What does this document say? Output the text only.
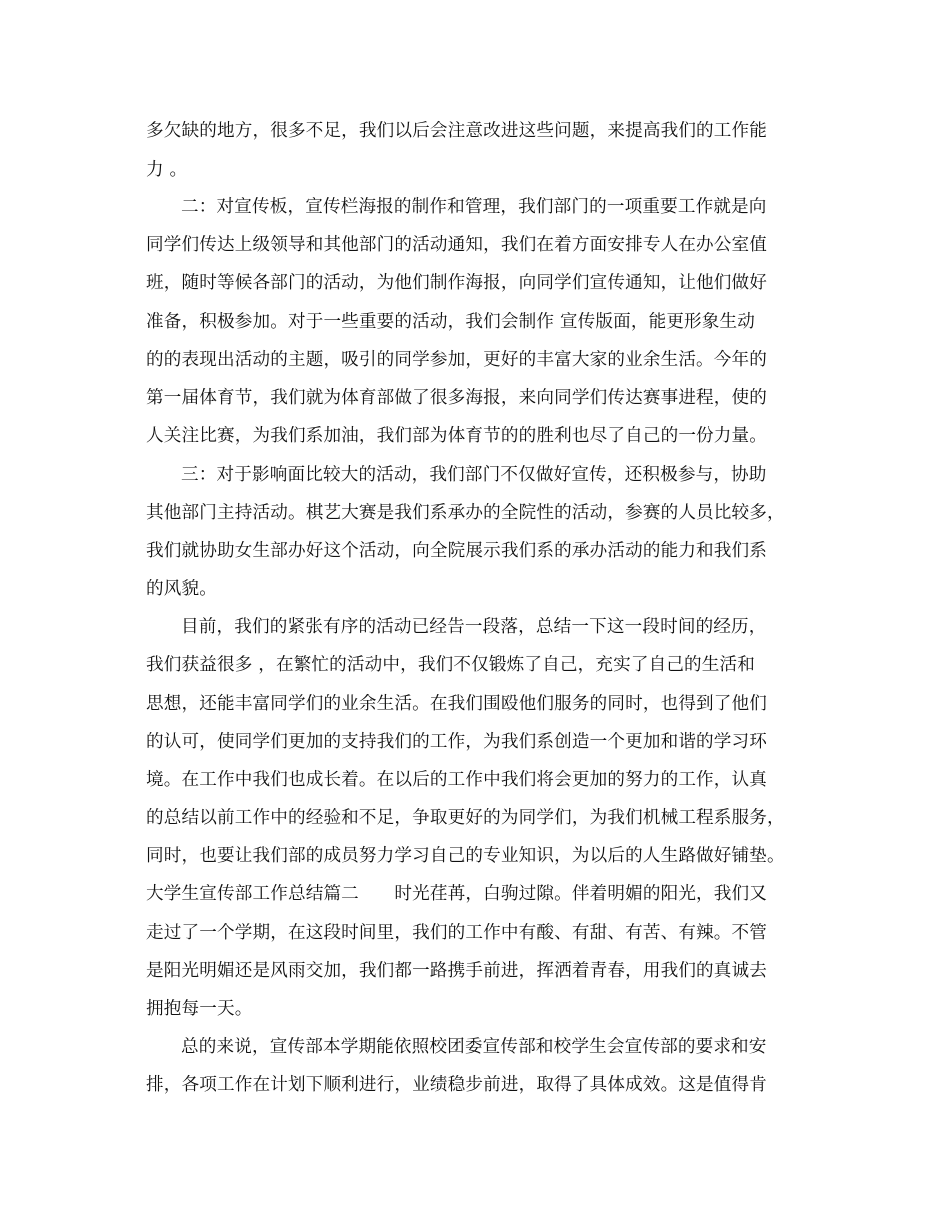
多欠缺的地方，很多不足，我们以后会注意改进这些问题，来提高我们的工作能
力 。
二：对宣传板，宣传栏海报的制作和管理，我们部门的一项重要工作就是向
同学们传达上级领导和其他部门的活动通知，我们在着方面安排专人在办公室值
班，随时等候各部门的活动，为他们制作海报，向同学们宣传通知，让他们做好
准备，积极参加。对于一些重要的活动，我们会制作 宣传版面，能更形象生动
的的表现出活动的主题，吸引的同学参加，更好的丰富大家的业余生活。今年的
第一届体育节，我们就为体育部做了很多海报，来向同学们传达赛事进程，使的
人关注比赛，为我们系加油，我们部为体育节的的胜利也尽了自己的一份力量。
三：对于影响面比较大的活动，我们部门不仅做好宣传，还积极参与，协助
其他部门主持活动。棋艺大赛是我们系承办的全院性的活动，参赛的人员比较多，
我们就协助女生部办好这个活动，向全院展示我们系的承办活动的能力和我们系
的风貌。
目前，我们的紧张有序的活动已经告一段落，总结一下这一段时间的经历，
我们获益很多 ，在繁忙的活动中，我们不仅锻炼了自己，充实了自己的生活和
思想，还能丰富同学们的业余生活。在我们围殴他们服务的同时，也得到了他们
的认可，使同学们更加的支持我们的工作，为我们系创造一个更加和谐的学习环
境。在工作中我们也成长着。在以后的工作中我们将会更加的努力的工作，认真
的总结以前工作中的经验和不足，争取更好的为同学们，为我们机械工程系服务，
同时，也要让我们部的成员努力学习自己的专业知识，为以后的人生路做好铺垫。
大学生宣传部工作总结篇二　　时光荏苒，白驹过隙。伴着明媚的阳光，我们又
走过了一个学期，在这段时间里，我们的工作中有酸、有甜、有苦、有辣。不管
是阳光明媚还是风雨交加，我们都一路携手前进，挥洒着青春，用我们的真诚去
拥抱每一天。
总的来说，宣传部本学期能依照校团委宣传部和校学生会宣传部的要求和安
排，各项工作在计划下顺利进行，业绩稳步前进，取得了具体成效。这是值得肯
